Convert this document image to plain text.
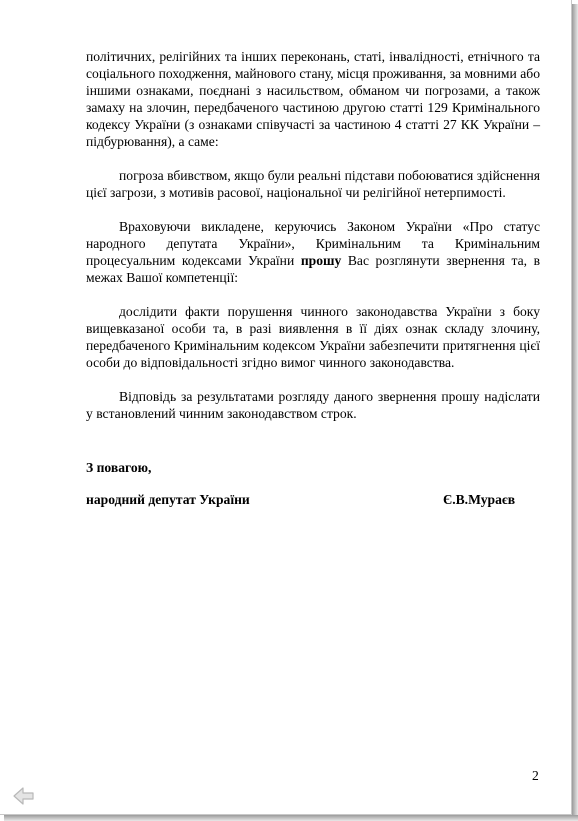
політичних, релігійних та інших переконань, статі, інвалідності, етнічного та соціального походження, майнового стану, місця проживання, за мовними або іншими ознаками, поєднані з насильством, обманом чи погрозами, а також замаху на злочин, передбаченого частиною другою статті 129 Кримінального кодексу України (з ознаками співучасті за частиною 4 статті 27 КК України – підбурювання), а саме:

погроза вбивством, якщо були реальні підстави побоюватися здійснення цієї загрози, з мотивів расової, національної чи релігійної нетерпимості.

Враховуючи викладене, керуючись Законом України «Про статус народного депутата України», Кримінальним та Кримінальним процесуальним кодексами України прошу Вас розглянути звернення та, в межах Вашої компетенції:

дослідити факти порушення чинного законодавства України з боку вищевказаної особи та, в разі виявлення в її діях ознак складу злочину, передбаченого Кримінальним кодексом України забезпечити притягнення цієї особи до відповідальності згідно вимог чинного законодавства.

Відповідь за результатами розгляду даного звернення прошу надіслати у встановлений чинним законодавством строк.

З повагою,
народний депутат України	Є.В.Мураєв
2
